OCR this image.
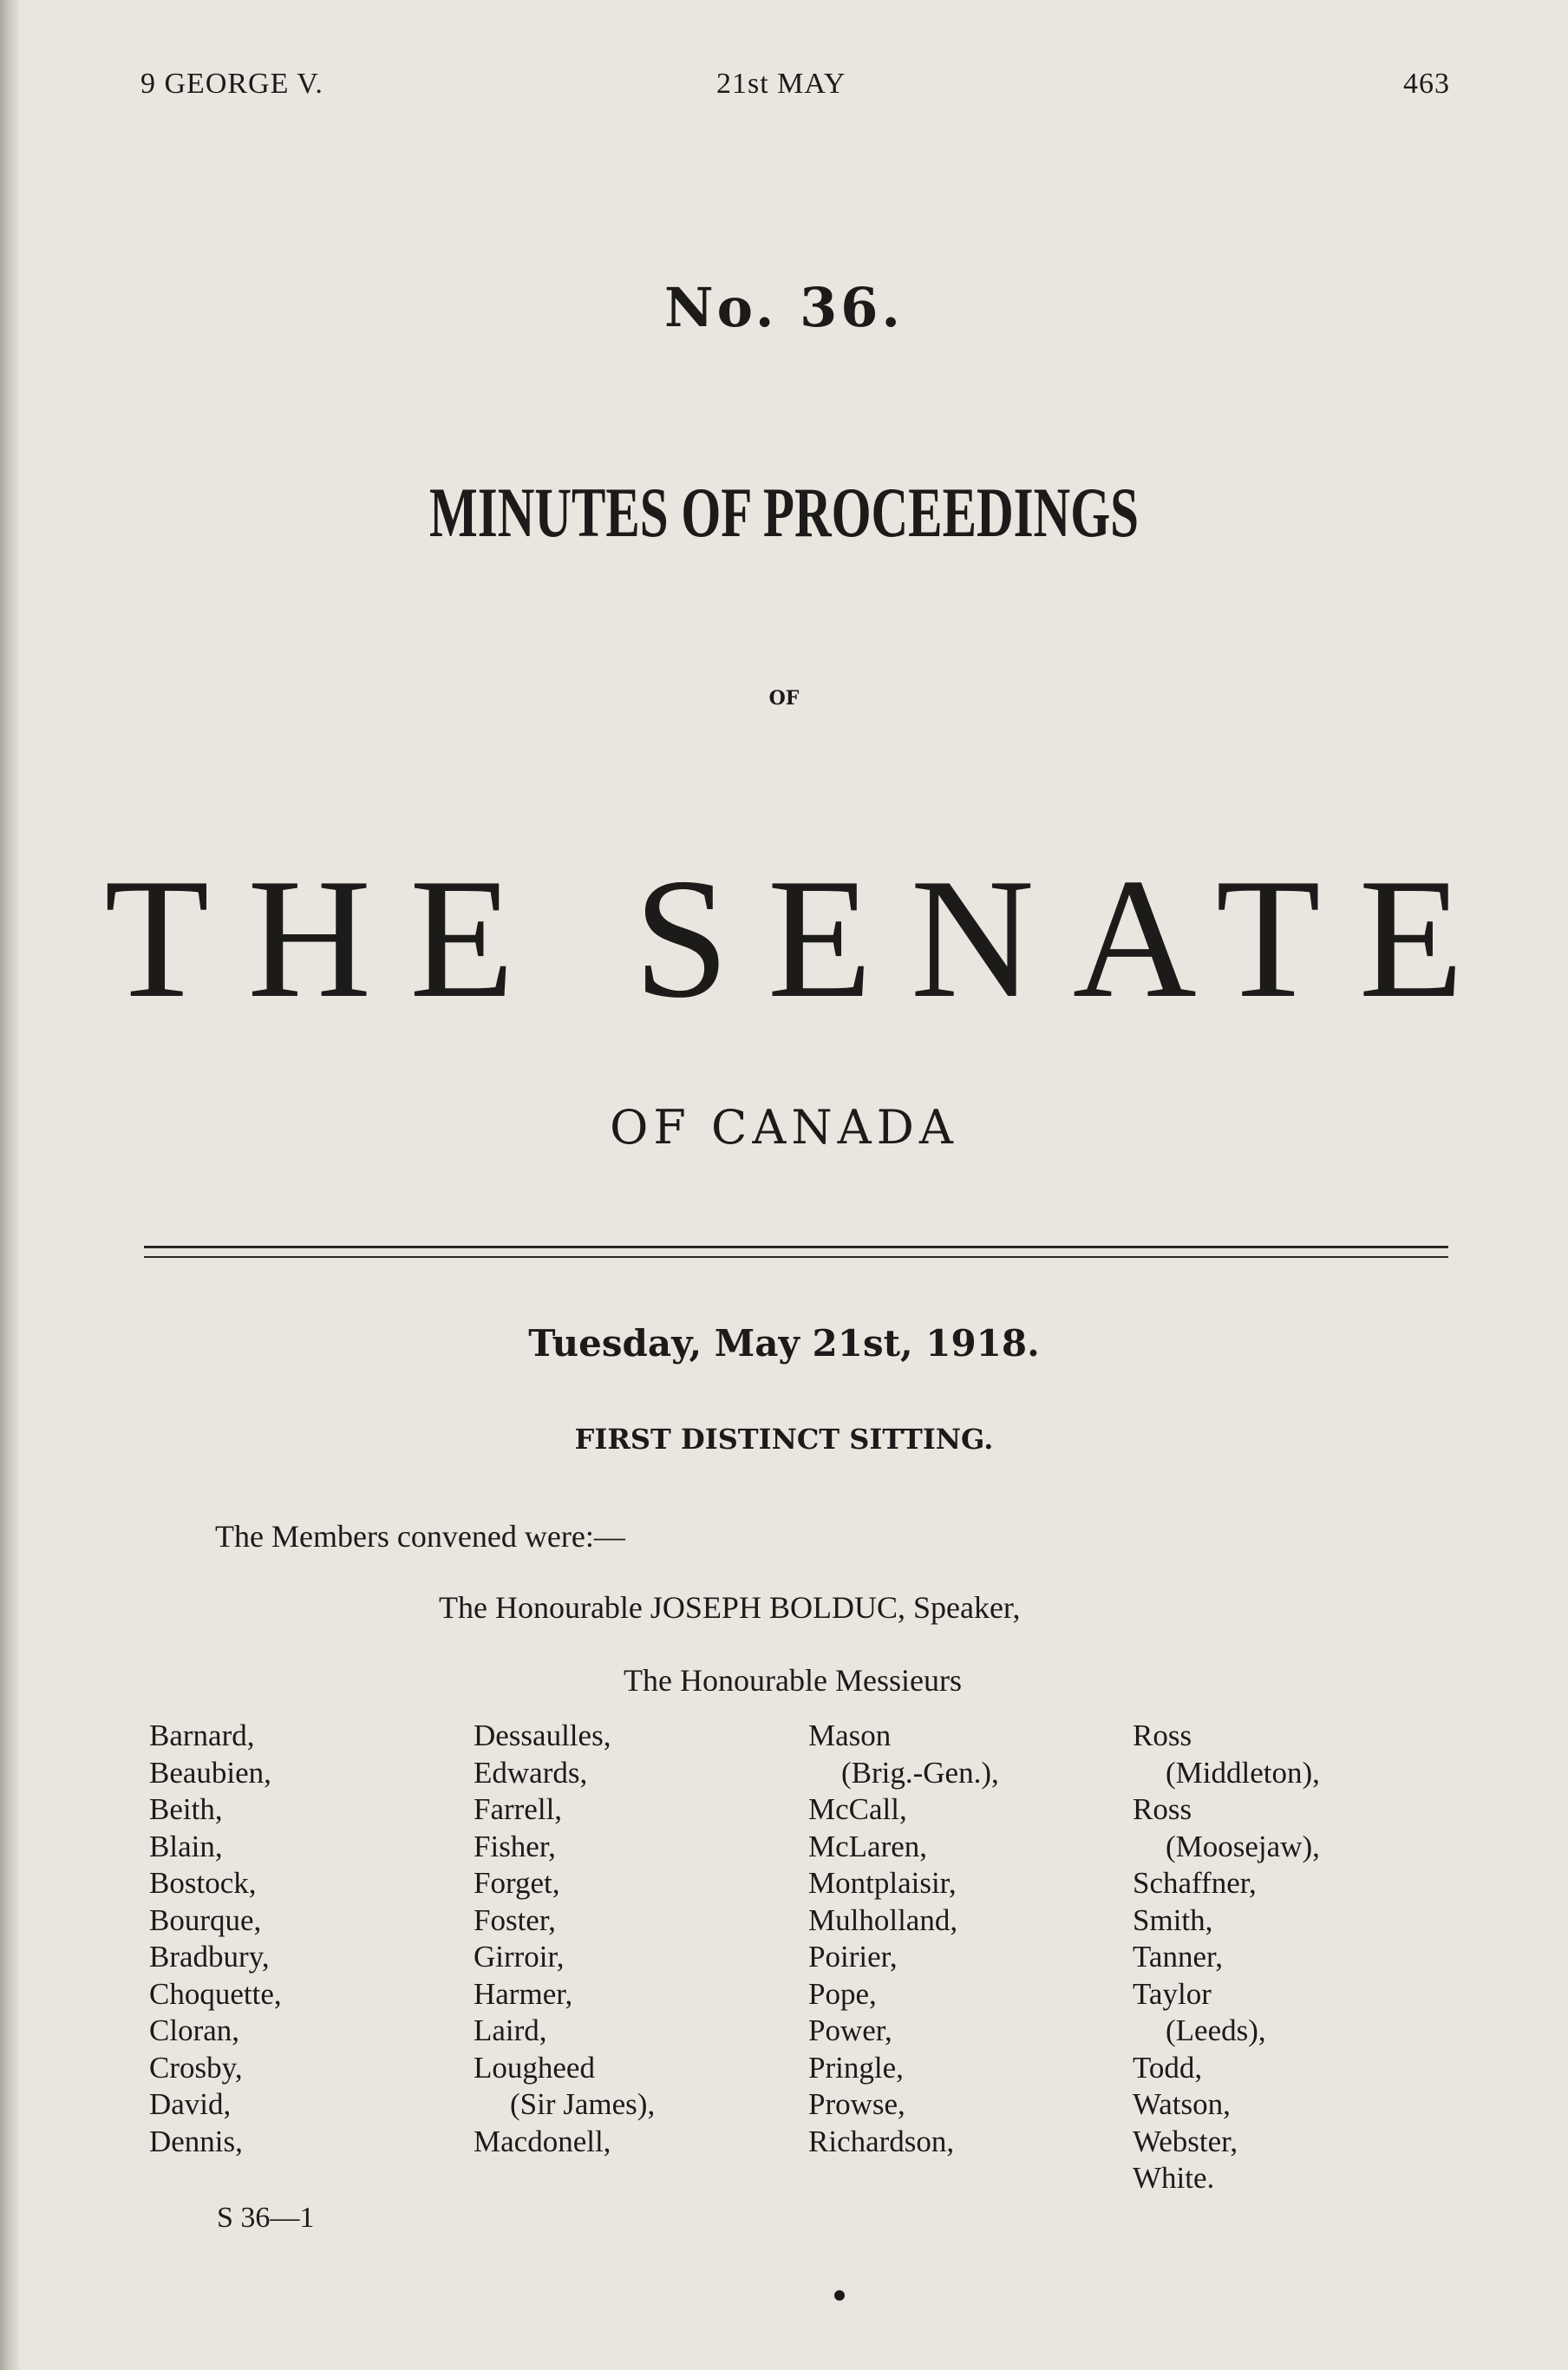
9 GEORGE V.	21st MAY	463
No. 36.
MINUTES OF PROCEEDINGS
OF
THE SENATE
OF CANADA
Tuesday, May 21st, 1918.
FIRST DISTINCT SITTING.
The Members convened were:—
The Honourable JOSEPH BOLDUC, Speaker,
The Honourable Messieurs
Barnard,
Beaubien,
Beith,
Blain,
Bostock,
Bourque,
Bradbury,
Choquette,
Cloran,
Crosby,
David,
Dennis,
Dessaulles,
Edwards,
Farrell,
Fisher,
Forget,
Foster,
Girroir,
Harmer,
Laird,
Lougheed
(Sir James),
Macdonell,
Mason
(Brig.-Gen.),
McCall,
McLaren,
Montplaisir,
Mulholland,
Poirier,
Pope,
Power,
Pringle,
Prowse,
Richardson,
Ross
(Middleton),
Ross
(Moosejaw),
Schaffner,
Smith,
Tanner,
Taylor
(Leeds),
Todd,
Watson,
Webster,
White.
S 36—1
